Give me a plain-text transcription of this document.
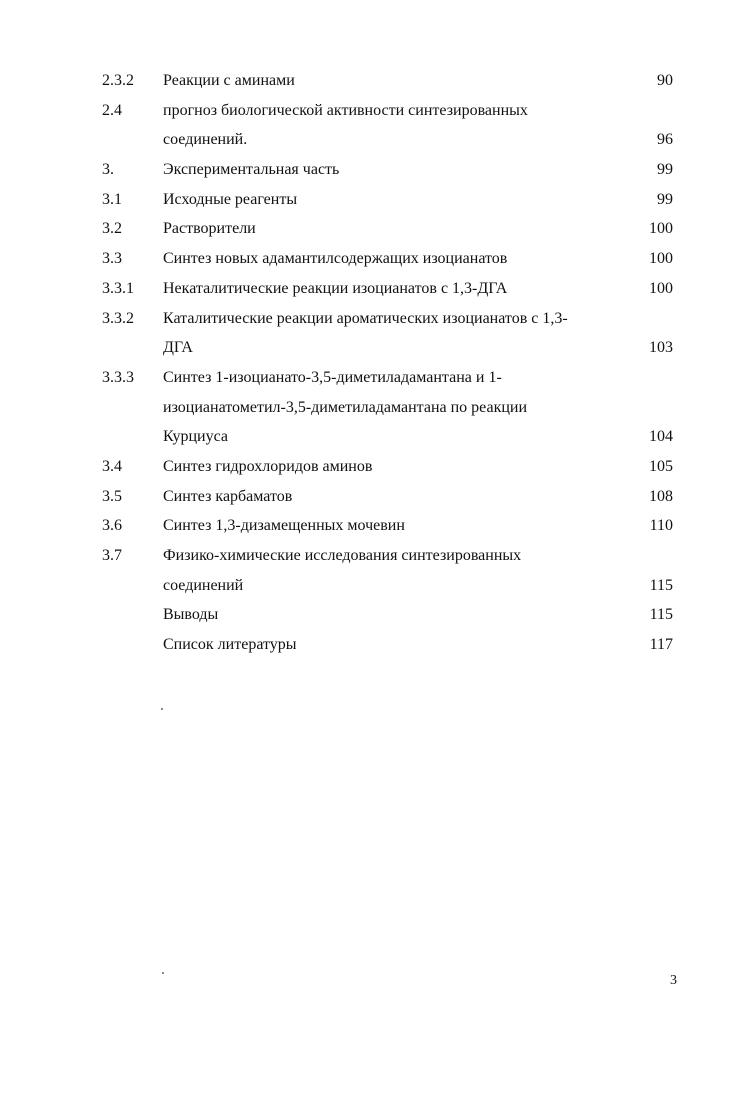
2.3.2 Реакции с аминами	90
2.4	прогноз биологической активности синтезированных
соединений.	96
3.	Экспериментальная часть	99
3.1	Исходные реагенты	99
3.2	Растворители	100
3.3	Синтез новых адамантилсодержащих изоцианатов	100
3.3.1 Некаталитические реакции изоцианатов с 1,3-ДГА	100
3.3.2 Каталитические реакции ароматических изоцианатов с 1,3-
ДГА	103
3.3.3 Синтез 1-изоцианато-3,5-диметиладамантана и 1-
изоцианатометил-3,5-диметиладамантана по реакции
Курциуса	104
3.4	Синтез гидрохлоридов аминов	105
3.5	Синтез карбаматов	108
3.6	Синтез 1,3-дизамещенных мочевин	110
3.7	Физико-химические исследования синтезированных
соединений	115
Выводы	115
Список литературы	117
3
